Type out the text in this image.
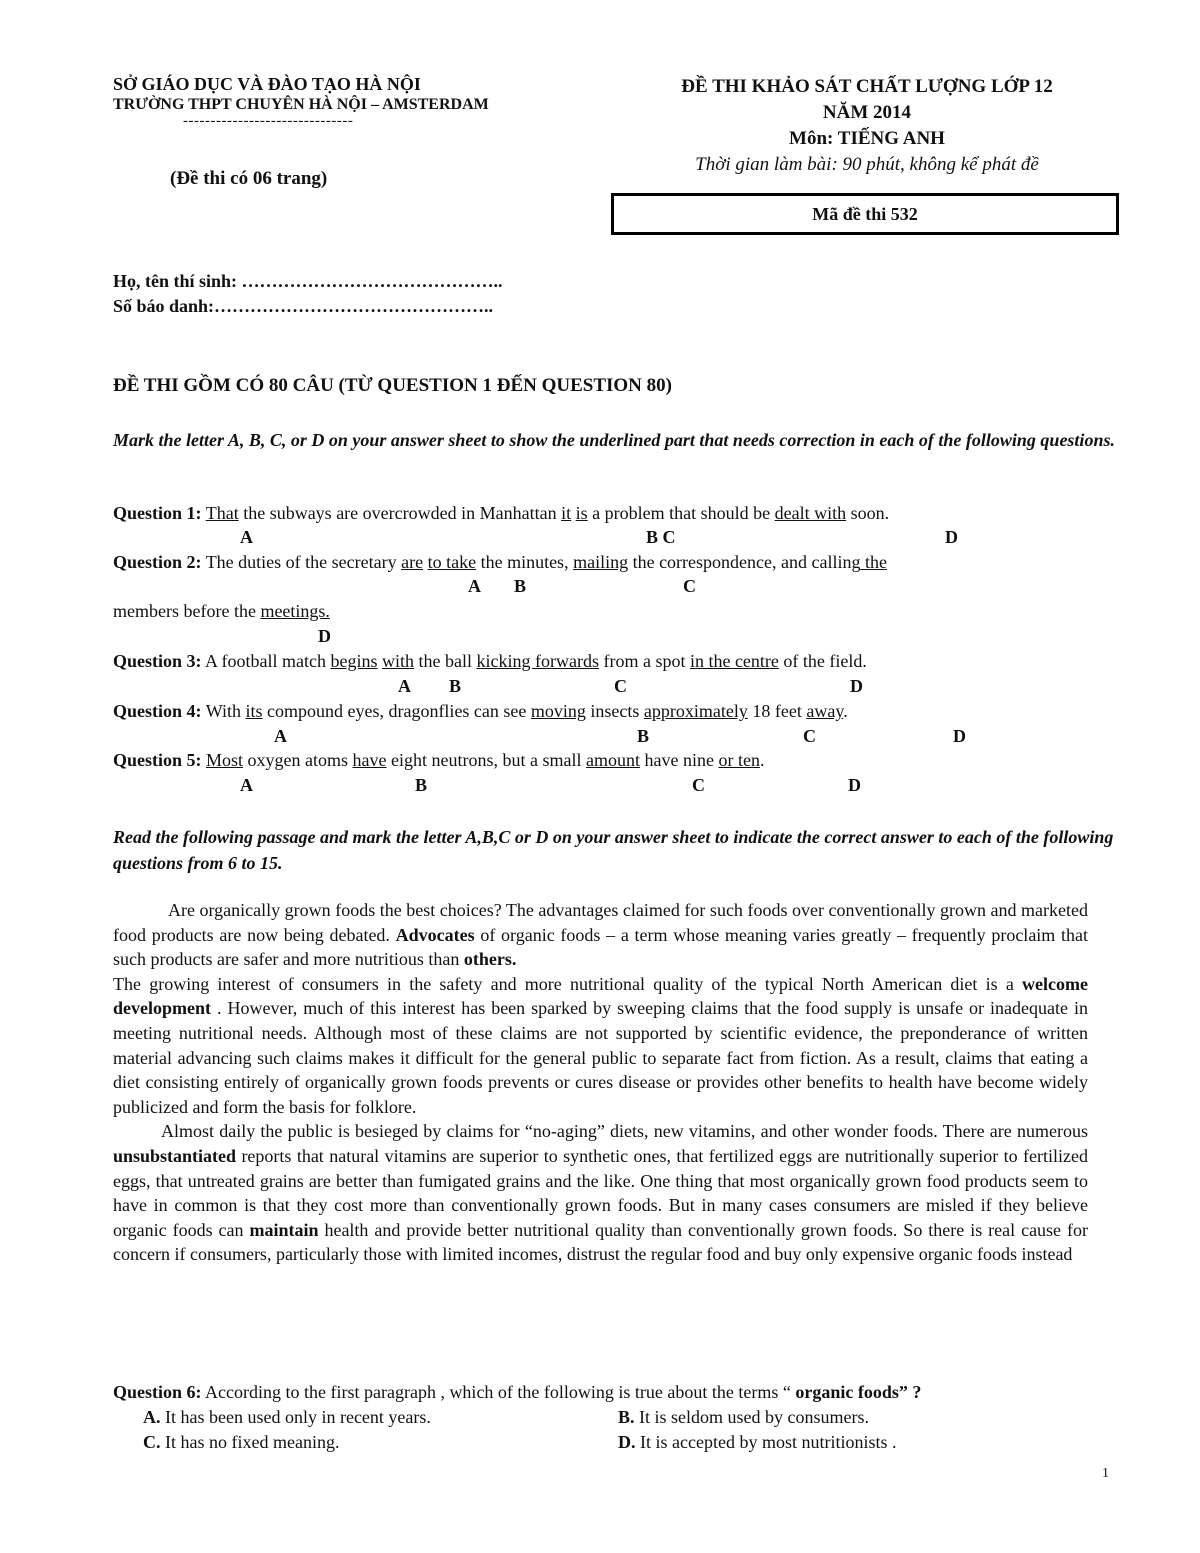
SỞ GIÁO DỤC VÀ ĐÀO TẠO HÀ NỘI
TRƯỜNG THPT CHUYÊN HÀ NỘI – AMSTERDAM
-------------------------------
(Đề thi có 06 trang)
ĐỀ THI KHẢO SÁT CHẤT LƯỢNG LỚP 12
NĂM 2014
Môn: TIẾNG ANH
Thời gian làm bài: 90 phút, không kể phát đề
Mã đề thi 532
Họ, tên thí sinh: ……………………………………..
Số báo danh:………………………………………..
ĐỀ THI GỒM CÓ 80 CÂU (TỪ QUESTION 1 ĐẾN QUESTION 80)
Mark the letter A, B, C, or D on your answer sheet to show the underlined part that needs correction in each of the following questions.
Question 1: That the subways are overcrowded in Manhattan it is a problem that should be dealt with soon.
A	B C	D
Question 2: The duties of the secretary are to take the minutes, mailing the correspondence, and calling the
A B	C
members before the meetings.
D
Question 3: A football match begins with the ball kicking forwards from a spot in the centre of the field.
A B	C	D
Question 4: With its compound eyes, dragonflies can see moving insects approximately 18 feet away.
A	B	C	D
Question 5: Most oxygen atoms have eight neutrons, but a small amount have nine or ten.
A	B	C	D
Read the following passage and mark the letter A,B,C or D on your answer sheet to indicate the correct answer to each of the following questions from 6 to 15.

Are organically grown foods the best choices? The advantages claimed for such foods over conventionally grown and marketed food products are now being debated. Advocates of organic foods – a term whose meaning varies greatly – frequently proclaim that such products are safer and more nutritious than others.

The growing interest of consumers in the safety and more nutritional quality of the typical North American diet is a welcome development . However, much of this interest has been sparked by sweeping claims that the food supply is unsafe or inadequate in meeting nutritional needs. Although most of these claims are not supported by scientific evidence, the preponderance of written material advancing such claims makes it difficult for the general public to separate fact from fiction. As a result, claims that eating a diet consisting entirely of organically grown foods prevents or cures disease or provides other benefits to health have become widely publicized and form the basis for folklore.

Almost daily the public is besieged by claims for “no-aging” diets, new vitamins, and other wonder foods. There are numerous unsubstantiated reports that natural vitamins are superior to synthetic ones, that fertilized eggs are nutritionally superior to fertilized eggs, that untreated grains are better than fumigated grains and the like. One thing that most organically grown food products seem to have in common is that they cost more than conventionally grown foods. But in many cases consumers are misled if they believe organic foods can maintain health and provide better nutritional quality than conventionally grown foods. So there is real cause for concern if consumers, particularly those with limited incomes, distrust the regular food and buy only expensive organic foods instead

Question 6: According to the first paragraph , which of the following is true about the terms “ organic foods” ?
A. It has been used only in recent years.	B. It is seldom used by consumers.
C. It has no fixed meaning.	D. It is accepted by most nutritionists .
1
